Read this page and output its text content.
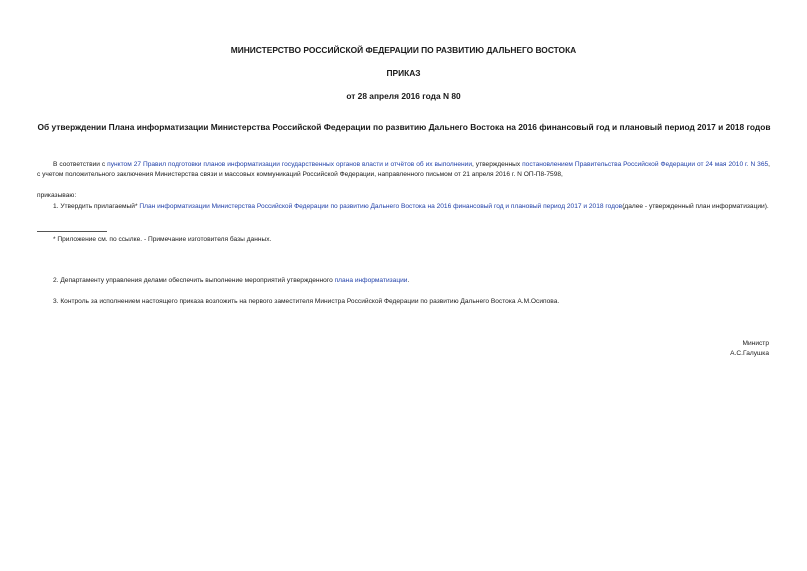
МИНИСТЕРСТВО РОССИЙСКОЙ ФЕДЕРАЦИИ ПО РАЗВИТИЮ ДАЛЬНЕГО ВОСТОКА

ПРИКАЗ

от 28 апреля 2016 года N 80

Об утверждении Плана информатизации Министерства Российской Федерации по развитию Дальнего Востока на 2016 финансовый год и плановый период 2017 и 2018 годов

В соответствии с пунктом 27 Правил подготовки планов информатизации государственных органов власти и отчётов об их выполнении, утвержденных постановлением Правительства Российской Федерации от 24 мая 2010 г. N 365, с учетом положительного заключения Министерства связи и массовых коммуникаций Российской Федерации, направленного письмом от 21 апреля 2016 г. N ОП-П8-7598,

приказываю:

1. Утвердить прилагаемый* План информатизации Министерства Российской Федерации по развитию Дальнего Востока на 2016 финансовый год и плановый период 2017 и 2018 годов(далее - утвержденный план информатизации).

* Приложение см. по ссылке. - Примечание изготовителя базы данных.

2. Департаменту управления делами обеспечить выполнение мероприятий утвержденного плана информатизации.

3. Контроль за исполнением настоящего приказа возложить на первого заместителя Министра Российской Федерации по развитию Дальнего Востока А.М.Осипова.

Министр

А.С.Галушка
